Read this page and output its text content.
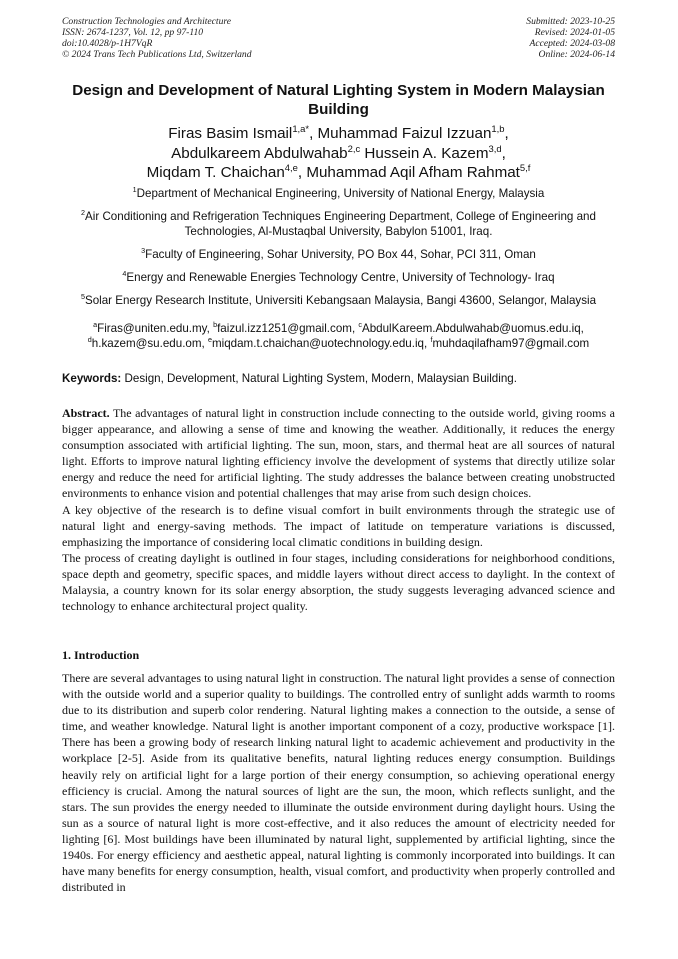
Construction Technologies and Architecture
ISSN: 2674-1237, Vol. 12, pp 97-110
doi:10.4028/p-1H7VqR
© 2024 Trans Tech Publications Ltd, Switzerland
Submitted: 2023-10-25
Revised: 2024-01-05
Accepted: 2024-03-08
Online: 2024-06-14
Design and Development of Natural Lighting System in Modern Malaysian Building
Firas Basim Ismail$^{1,a*}$, Muhammad Faizul Izzuan$^{1,b}$,
Abdulkareem Abdulwahab$^{2,c}$ Hussein A. Kazem$^{3,d}$,
Miqdam T. Chaichan$^{4,e}$, Muhammad Aqil Afham Rahmat$^{5,f}$

$^1$Department of Mechanical Engineering, University of National Energy, Malaysia

$^2$Air Conditioning and Refrigeration Techniques Engineering Department, College of Engineering and Technologies, Al-Mustaqbal University, Babylon 51001, Iraq.

$^3$Faculty of Engineering, Sohar University, PO Box 44, Sohar, PCI 311, Oman

$^4$Energy and Renewable Energies Technology Centre, University of Technology- Iraq

$^5$Solar Energy Research Institute, Universiti Kebangsaan Malaysia, Bangi 43600, Selangor, Malaysia

$^a$Firas@uniten.edu.my, $^b$faizul.izz1251@gmail.com, $^c$AbdulKareem.Abdulwahab@uomus.edu.iq,
$^d$h.kazem@su.edu.om, $^e$miqdam.t.chaichan@uotechnology.edu.iq, $^f$muhdaqilafham97@gmail.com
Keywords: Design, Development, Natural Lighting System, Modern, Malaysian Building.

Abstract. The advantages of natural light in construction include connecting to the outside world, giving rooms a bigger appearance, and allowing a sense of time and knowing the weather. Additionally, it reduces the energy consumption associated with artificial lighting. The sun, moon, stars, and thermal heat are all sources of natural light. Efforts to improve natural lighting efficiency involve the development of systems that directly utilize solar energy and reduce the need for artificial lighting. The study addresses the balance between creating unobstructed environments to enhance vision and potential challenges that may arise from such design choices.

A key objective of the research is to define visual comfort in built environments through the strategic use of natural light and energy-saving methods. The impact of latitude on temperature variations is discussed, emphasizing the importance of considering local climatic conditions in building design.

The process of creating daylight is outlined in four stages, including considerations for neighborhood conditions, space depth and geometry, specific spaces, and middle layers without direct access to daylight. In the context of Malaysia, a country known for its solar energy absorption, the study suggests leveraging advanced science and technology to enhance architectural project quality.

1. Introduction

There are several advantages to using natural light in construction. The natural light provides a sense of connection with the outside world and a superior quality to buildings. The controlled entry of sunlight adds warmth to rooms due to its distribution and superb color rendering. Natural lighting makes a connection to the outside, a sense of time, and weather knowledge. Natural light is another important component of a cozy, productive workspace [1]. There has been a growing body of research linking natural light to academic achievement and productivity in the workplace [2-5]. Aside from its qualitative benefits, natural lighting reduces energy consumption. Buildings heavily rely on artificial light for a large portion of their energy consumption, so achieving operational energy efficiency is crucial. Among the natural sources of light are the sun, the moon, which reflects sunlight, and the stars. The sun provides the energy needed to illuminate the outside environment during daylight hours. Using the sun as a source of natural light is more cost-effective, and it also reduces the amount of electricity needed for lighting [6]. Most buildings have been illuminated by natural light, supplemented by artificial lighting, since the 1940s. For energy efficiency and aesthetic appeal, natural lighting is commonly incorporated into buildings. It can have many benefits for energy consumption, health, visual comfort, and productivity when properly controlled and distributed in
